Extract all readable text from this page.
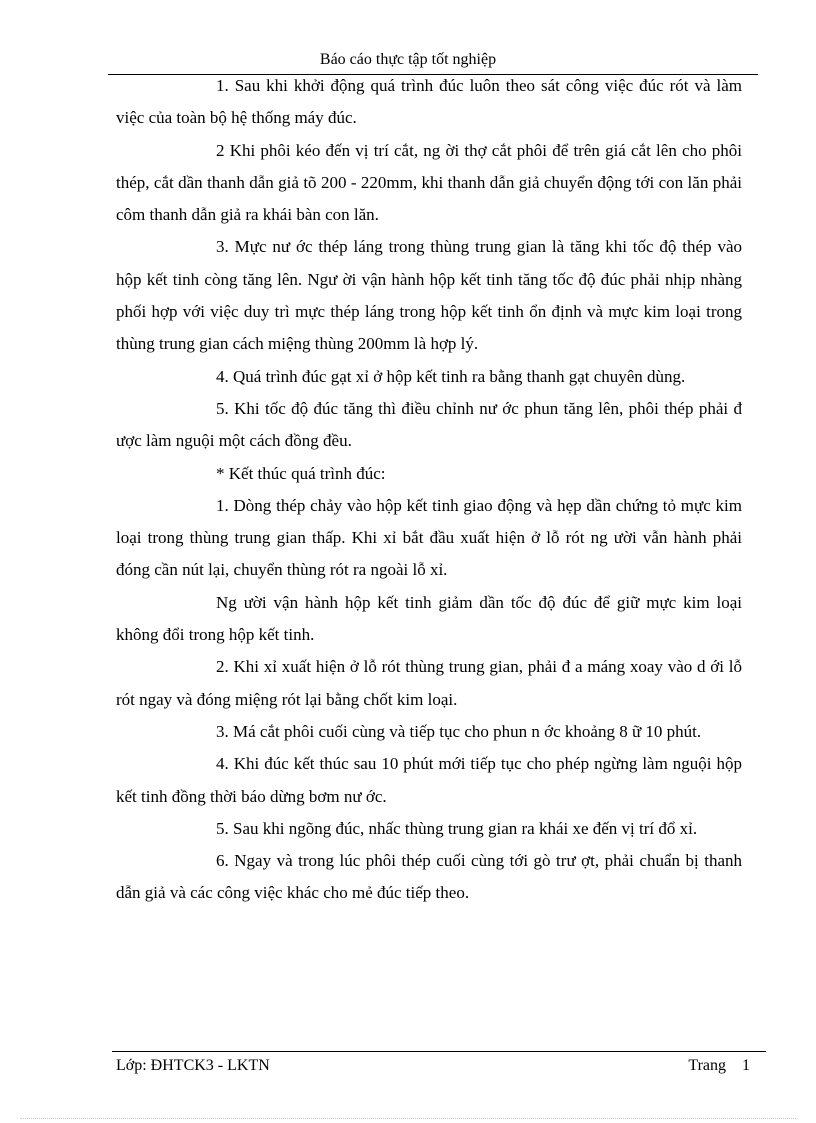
Báo cáo thực tập tốt nghiệp

1. Sau khi khởi động quá trình đúc luôn theo sát công việc đúc rót và làm việc của toàn bộ hệ thống máy đúc.

2 Khi phôi kéo đến vị trí cắt, ng ời thợ cắt phôi để trên giá cắt lên cho phôi thép, cắt dần thanh dẫn giả tõ 200 - 220mm, khi thanh dẫn giả chuyển động tới con lăn phải côm thanh dẫn giả ra khái bàn con lăn.

3. Mực nư ớc thép láng trong thùng trung gian là tăng khi tốc độ thép vào hộp kết tinh còng tăng lên. Ngư ời vận hành hộp kết tinh tăng tốc độ đúc phải nhịp nhàng phối hợp với việc duy trì mực thép láng trong hộp kết tinh ổn định và mực kim loại trong thùng trung gian cách miệng thùng 200mm là hợp lý.

4. Quá trình đúc gạt xỉ ở hộp kết tinh ra bằng thanh gạt chuyên dùng.

5. Khi tốc độ đúc tăng thì điều chỉnh nư ớc phun tăng lên, phôi thép phải đ ược làm nguội một cách đồng đều.

* Kết thúc quá trình đúc:

1. Dòng thép chảy vào hộp kết tinh giao động và hẹp dần chứng tỏ mực kim loại trong thùng trung gian thấp. Khi xỉ bắt đầu xuất hiện ở lỗ rót ng ười vẫn hành phải đóng cần nút lại, chuyển thùng rót ra ngoài lỗ xỉ.

Ng ười vận hành hộp kết tinh giảm dần tốc độ đúc để giữ mực kim loại không đổi trong hộp kết tinh.

2. Khi xỉ xuất hiện ở lỗ rót thùng trung gian, phải đ a máng xoay vào d ới lỗ rót ngay và đóng miệng rót lại bằng chốt kim loại.

3. Má cắt phôi cuối cùng và tiếp tục cho phun n ớc khoảng 8 ữ 10 phút.

4. Khi đúc kết thúc sau 10 phút mới tiếp tục cho phép ngừng làm nguội hộp kết tinh đồng thời báo dừng bơm nư ớc.

5. Sau khi ngõng đúc, nhấc thùng trung gian ra khái xe đến vị trí đổ xỉ.

6. Ngay và trong lúc phôi thép cuối cùng tới gò trư ợt, phải chuẩn bị thanh dẫn giả và các công việc khác cho mẻ đúc tiếp theo.

Lớp: ĐHTCK3 - LKTN	Trang 1
